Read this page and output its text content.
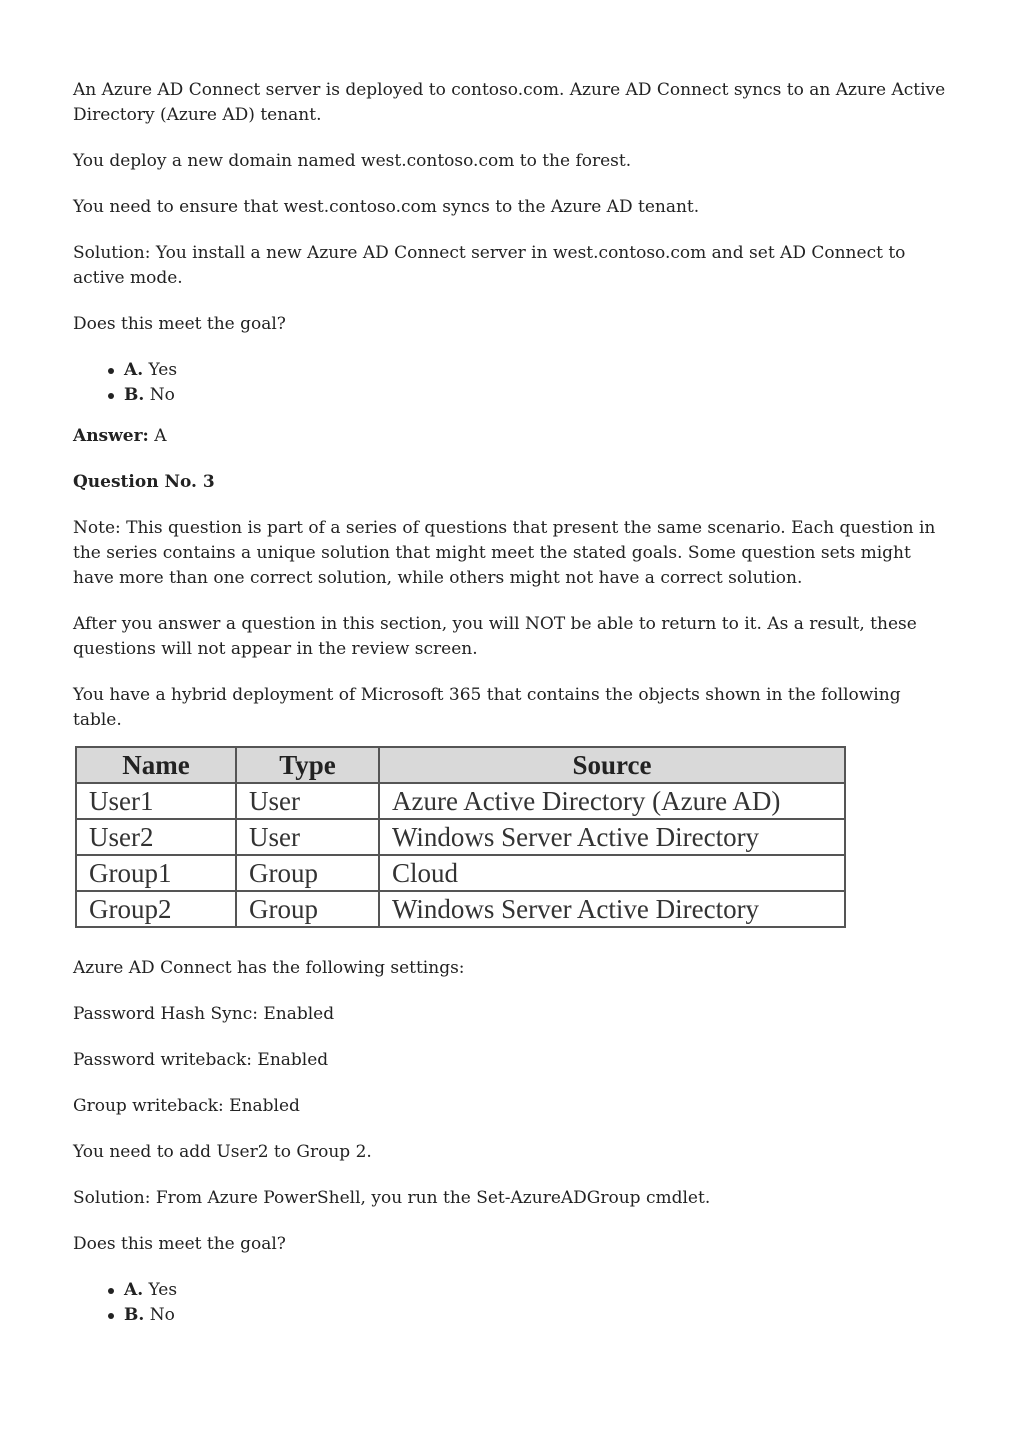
An Azure AD Connect server is deployed to contoso.com. Azure AD Connect syncs to an Azure Active Directory (Azure AD) tenant.

You deploy a new domain named west.contoso.com to the forest.

You need to ensure that west.contoso.com syncs to the Azure AD tenant.

Solution: You install a new Azure AD Connect server in west.contoso.com and set AD Connect to active mode.

Does this meet the goal?

A. Yes
B. No

Answer: A

Question No. 3

Note: This question is part of a series of questions that present the same scenario. Each question in the series contains a unique solution that might meet the stated goals. Some question sets might have more than one correct solution, while others might not have a correct solution.

After you answer a question in this section, you will NOT be able to return to it. As a result, these questions will not appear in the review screen.

You have a hybrid deployment of Microsoft 365 that contains the objects shown in the following table.

Name	Type	Source
User1	User	Azure Active Directory (Azure AD)
User2	User	Windows Server Active Directory
Group1	Group	Cloud
Group2	Group	Windows Server Active Directory

Azure AD Connect has the following settings:

Password Hash Sync: Enabled

Password writeback: Enabled

Group writeback: Enabled

You need to add User2 to Group 2.

Solution: From Azure PowerShell, you run the Set-AzureADGroup cmdlet.

Does this meet the goal?

A. Yes
B. No
